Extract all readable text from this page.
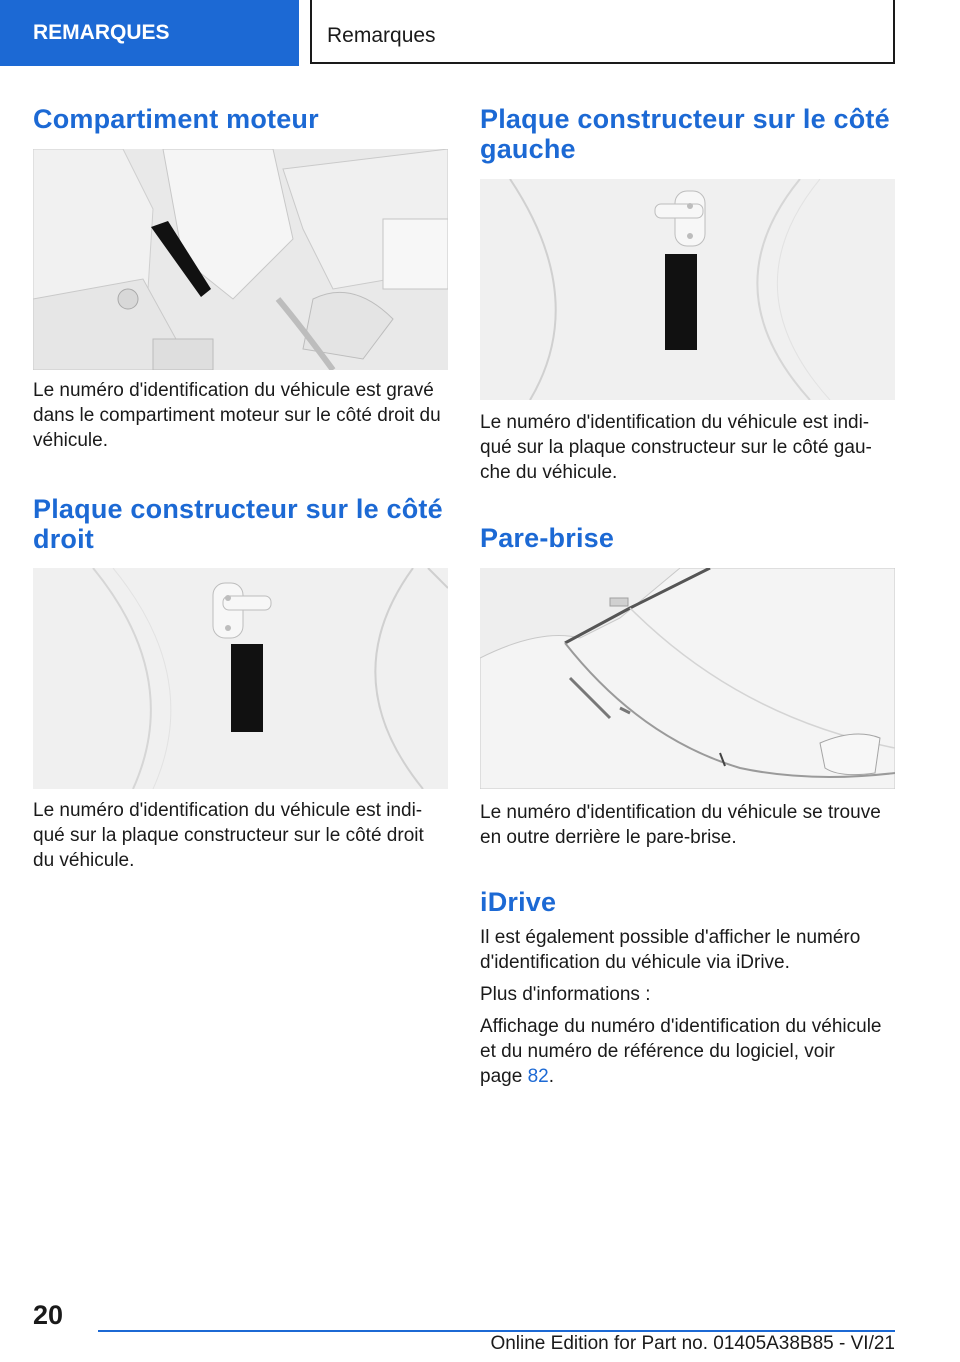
REMARQUES	Remarques
Compartiment moteur

Le numéro d'identification du véhicule est gravé dans le compartiment moteur sur le côté droit du véhicule.

Plaque constructeur sur le côté
droit

Le numéro d'identification du véhicule est indi-qué sur la plaque constructeur sur le côté droit du véhicule.

Plaque constructeur sur le côté
gauche

Le numéro d'identification du véhicule est indi-qué sur la plaque constructeur sur le côté gau-che du véhicule.

Pare-brise

Le numéro d'identification du véhicule se trouve en outre derrière le pare-brise.

iDrive

Il est également possible d'afficher le numéro d'identification du véhicule via iDrive.

Plus d'informations :

Affichage du numéro d'identification du véhicule et du numéro de référence du logiciel, voir page 82.

20
Online Edition for Part no. 01405A38B85 - VI/21
